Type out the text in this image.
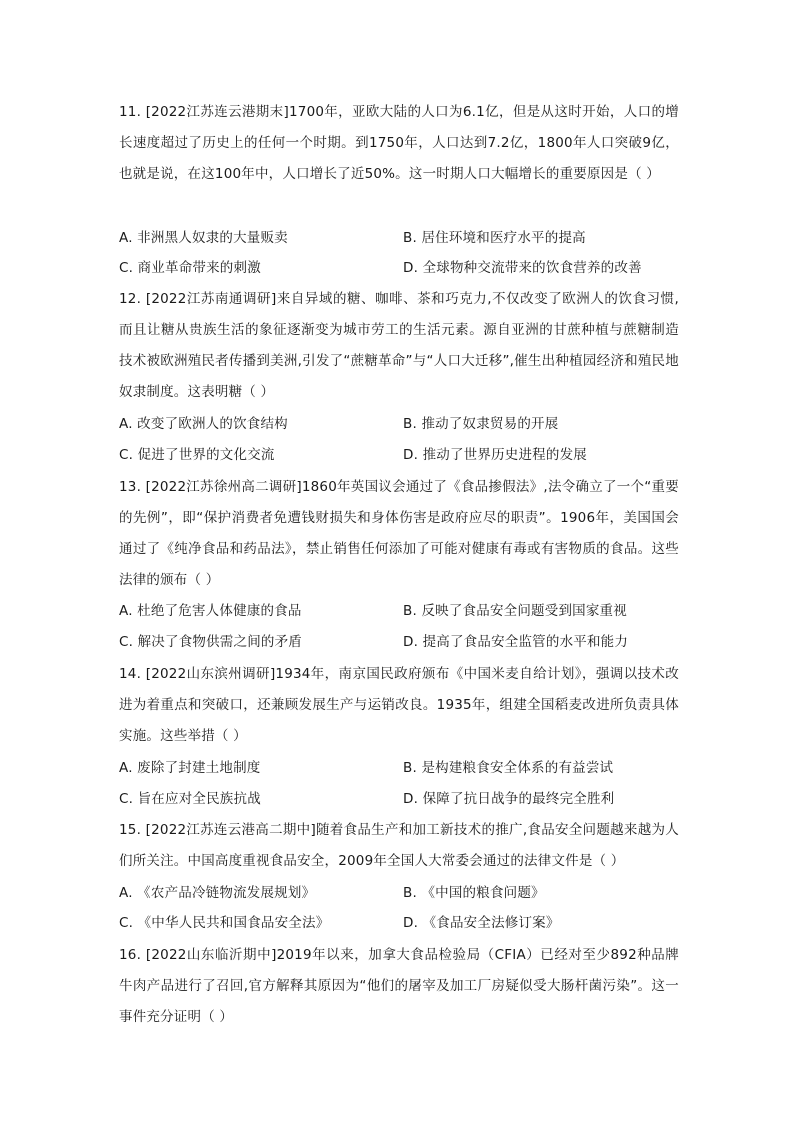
11. [2022江苏连云港期末]1700年，亚欧大陆的人口为6.1亿，但是从这时开始，人口的增长速度超过了历史上的任何一个时期。到1750年，人口达到7.2亿，1800年人口突破9亿，也就是说，在这100年中，人口增长了近50%。这一时期人口大幅增长的重要原因是（ ）
A. 非洲黑人奴隶的大量贩卖	B. 居住环境和医疗水平的提高
C. 商业革命带来的刺激	D. 全球物种交流带来的饮食营养的改善
12. [2022江苏南通调研]来自异域的糖、咖啡、茶和巧克力,不仅改变了欧洲人的饮食习惯,而且让糖从贵族生活的象征逐渐变为城市劳工的生活元素。源自亚洲的甘蔗种植与蔗糖制造技术被欧洲殖民者传播到美洲,引发了“蔗糖革命”与“人口大迁移”,催生出种植园经济和殖民地奴隶制度。这表明糖（ ）
A. 改变了欧洲人的饮食结构	B. 推动了奴隶贸易的开展
C. 促进了世界的文化交流	D. 推动了世界历史进程的发展
13. [2022江苏徐州高二调研]1860年英国议会通过了《食品掺假法》,法令确立了一个“重要的先例”，即“保护消费者免遭钱财损失和身体伤害是政府应尽的职责”。1906年，美国国会通过了《纯净食品和药品法》，禁止销售任何添加了可能对健康有毒或有害物质的食品。这些法律的颁布（ ）
A. 杜绝了危害人体健康的食品	B. 反映了食品安全问题受到国家重视
C. 解决了食物供需之间的矛盾	D. 提高了食品安全监管的水平和能力
14. [2022山东滨州调研]1934年，南京国民政府颁布《中国米麦自给计划》，强调以技术改进为着重点和突破口，还兼顾发展生产与运销改良。1935年，组建全国稻麦改进所负责具体实施。这些举措（ ）
A. 废除了封建土地制度	B. 是构建粮食安全体系的有益尝试
C. 旨在应对全民族抗战	D. 保障了抗日战争的最终完全胜利
15. [2022江苏连云港高二期中]随着食品生产和加工新技术的推广,食品安全问题越来越为人们所关注。中国高度重视食品安全，2009年全国人大常委会通过的法律文件是（ ）
A. 《农产品冷链物流发展规划》	B. 《中国的粮食问题》
C. 《中华人民共和国食品安全法》	D. 《食品安全法修订案》
16. [2022山东临沂期中]2019年以来，加拿大食品检验局（CFIA）已经对至少892种品牌牛肉产品进行了召回,官方解释其原因为“他们的屠宰及加工厂房疑似受大肠杆菌污染”。这一事件充分证明（ ）
